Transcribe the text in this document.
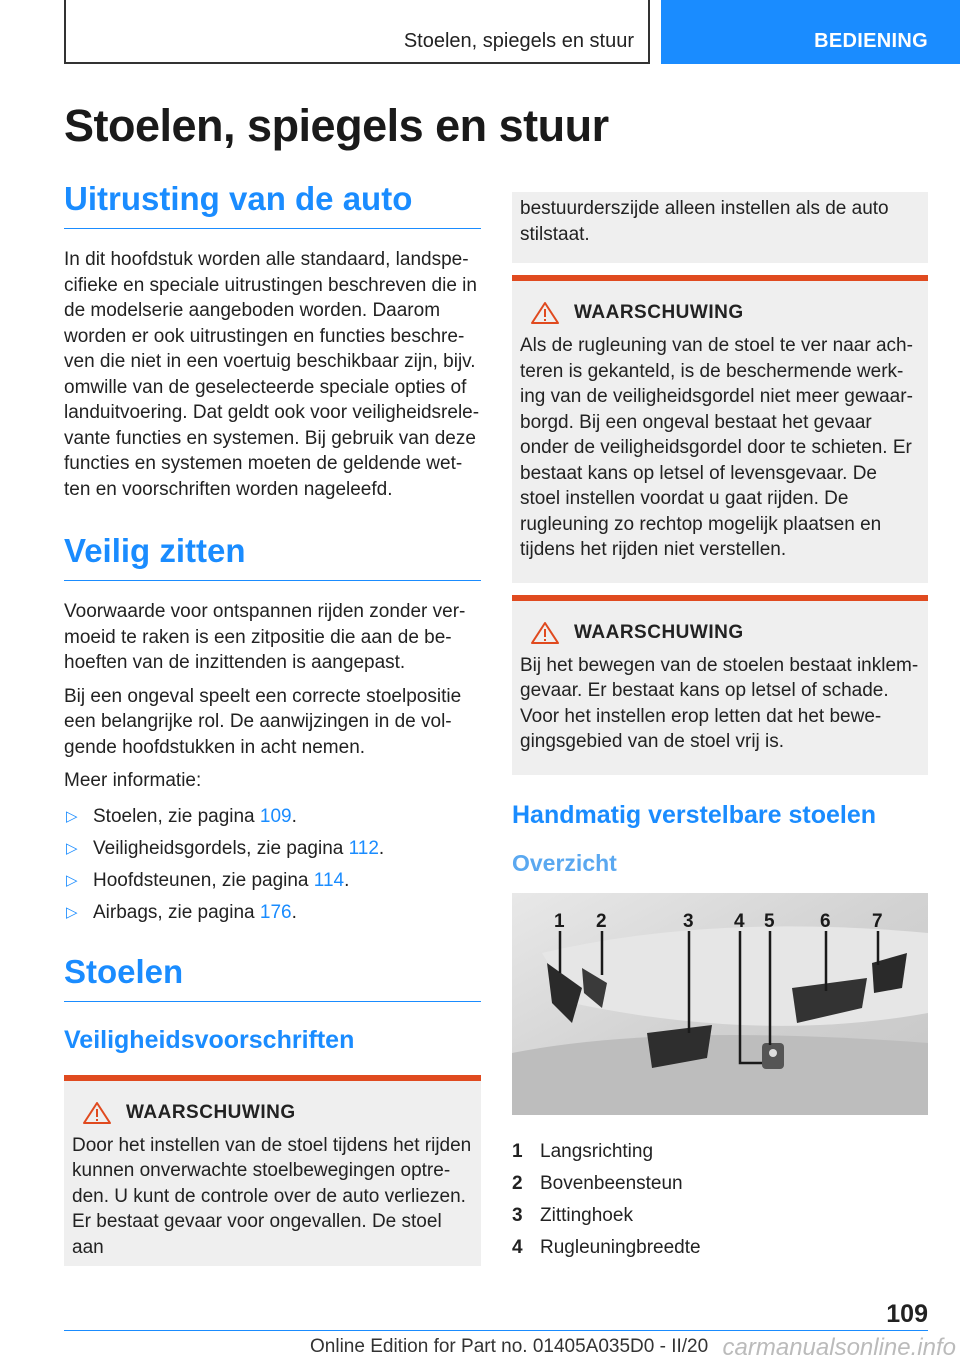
Stoelen, spiegels en stuur	BEDIENING
Stoelen, spiegels en stuur
Uitrusting van de auto

In dit hoofdstuk worden alle standaard, landspe-cifieke en speciale uitrustingen beschreven die in de modelserie aangeboden worden. Daarom worden er ook uitrustingen en functies beschre-ven die niet in een voertuig beschikbaar zijn, bijv. omwille van de geselecteerde speciale opties of landuitvoering. Dat geldt ook voor veiligheidsrele-vante functies en systemen. Bij gebruik van deze functies en systemen moeten de geldende wet-ten en voorschriften worden nageleefd.

Veilig zitten

Voorwaarde voor ontspannen rijden zonder ver-moeid te raken is een zitpositie die aan de be-hoeften van de inzittenden is aangepast.

Bij een ongeval speelt een correcte stoelpositie een belangrijke rol. De aanwijzingen in de vol-gende hoofdstukken in acht nemen.

Meer informatie:

▷ Stoelen, zie pagina 109.
▷ Veiligheidsgordels, zie pagina 112.
▷ Hoofdsteunen, zie pagina 114.
▷ Airbags, zie pagina 176.
Stoelen
Veiligheidsvoorschriften
WAARSCHUWING

Door het instellen van de stoel tijdens het rijden kunnen onverwachte stoelbewegingen optre-den. U kunt de controle over de auto verliezen. Er bestaat gevaar voor ongevallen. De stoel aan

bestuurderszijde alleen instellen als de auto stilstaat.

WAARSCHUWING

Als de rugleuning van de stoel te ver naar ach-teren is gekanteld, is de beschermende werk-ing van de veiligheidsgordel niet meer gewaar-borgd. Bij een ongeval bestaat het gevaar onder de veiligheidsgordel door te schieten. Er bestaat kans op letsel of levensgevaar. De stoel instellen voordat u gaat rijden. De rugleuning zo rechtop mogelijk plaatsen en tijdens het rijden niet verstellen.

WAARSCHUWING

Bij het bewegen van de stoelen bestaat inklem-gevaar. Er bestaat kans op letsel of schade. Voor het instellen erop letten dat het bewe-gingsgebied van de stoel vrij is.

Handmatig verstelbare stoelen
Overzicht
1 2	3 4 5 6 7
1 Langsrichting
2 Bovenbeensteun
3 Zittinghoek
4 Rugleuningbreedte
109
Online Edition for Part no. 01405A035D0 - II/20 carmanualsonline.info
